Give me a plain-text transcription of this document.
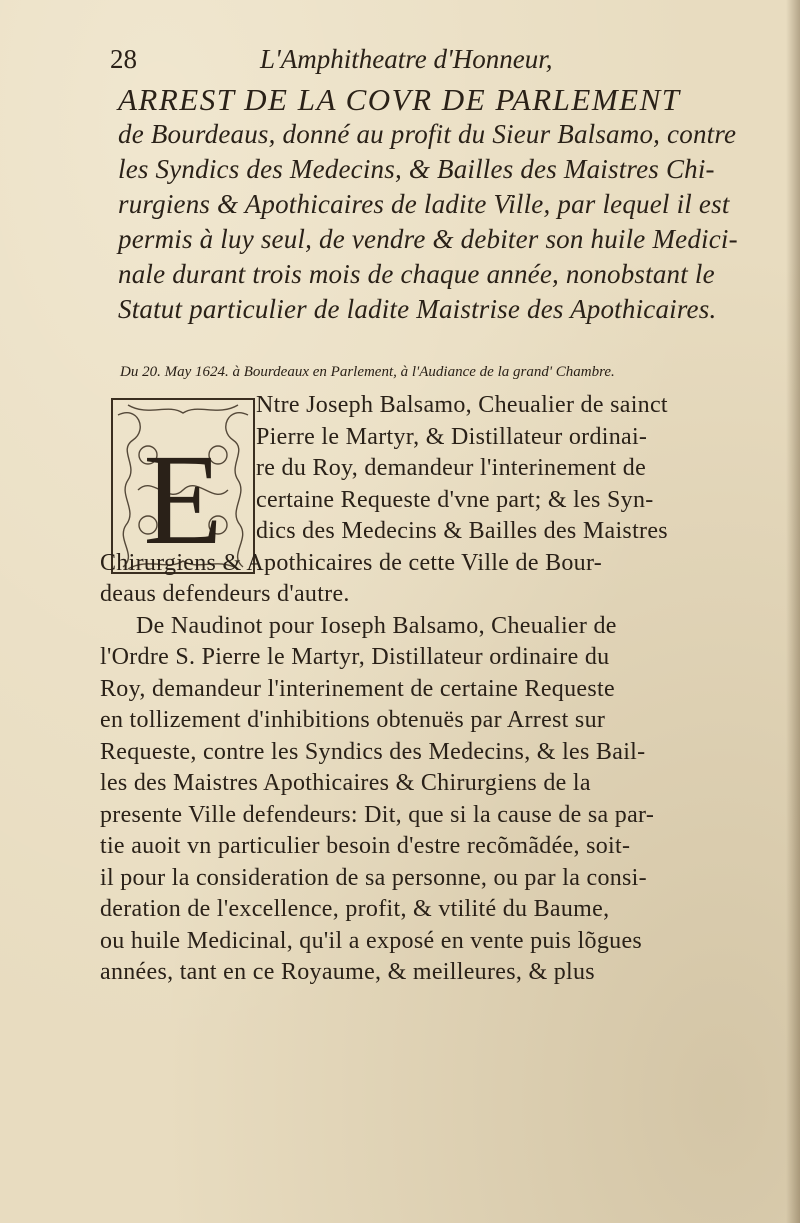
28	L'Amphitheatre d'Honneur,
ARREST DE LA COVR DE PARLEMENT
de Bourdeaus, donné au profit du Sieur Balsamo, contre
les Syndics des Medecins, & Bailles des Maistres Chi-
rurgiens & Apothicaires de ladite Ville, par lequel il est
permis à luy seul, de vendre & debiter son huile Medici-
nale durant trois mois de chaque année, nonobstant le
Statut particulier de ladite Maistrise des Apothicaires.
Du 20. May 1624. à Bourdeaux en Parlement, à l'Audiance de la grand' Chambre.
E
Ntre Joseph Balsamo, Cheualier de sainct
Pierre le Martyr, & Distillateur ordinai-
re du Roy, demandeur l'interinement de
certaine Requeste d'vne part; & les Syn-
dics des Medecins & Bailles des Maistres
Chirurgiens & Apothicaires de cette Ville de Bour-
deaus defendeurs d'autre.
De Naudinot pour Ioseph Balsamo, Cheualier de
l'Ordre S. Pierre le Martyr, Distillateur ordinaire du
Roy, demandeur l'interinement de certaine Requeste
en tollizement d'inhibitions obtenuës par Arrest sur
Requeste, contre les Syndics des Medecins, & les Bail-
les des Maistres Apothicaires & Chirurgiens de la
presente Ville defendeurs: Dit, que si la cause de sa par-
tie auoit vn particulier besoin d'estre recõmãdée, soit-
il pour la consideration de sa personne, ou par la consi-
deration de l'excellence, profit, & vtilité du Baume,
ou huile Medicinal, qu'il a exposé en vente puis lõgues
années, tant en ce Royaume, & meilleures, & plus
